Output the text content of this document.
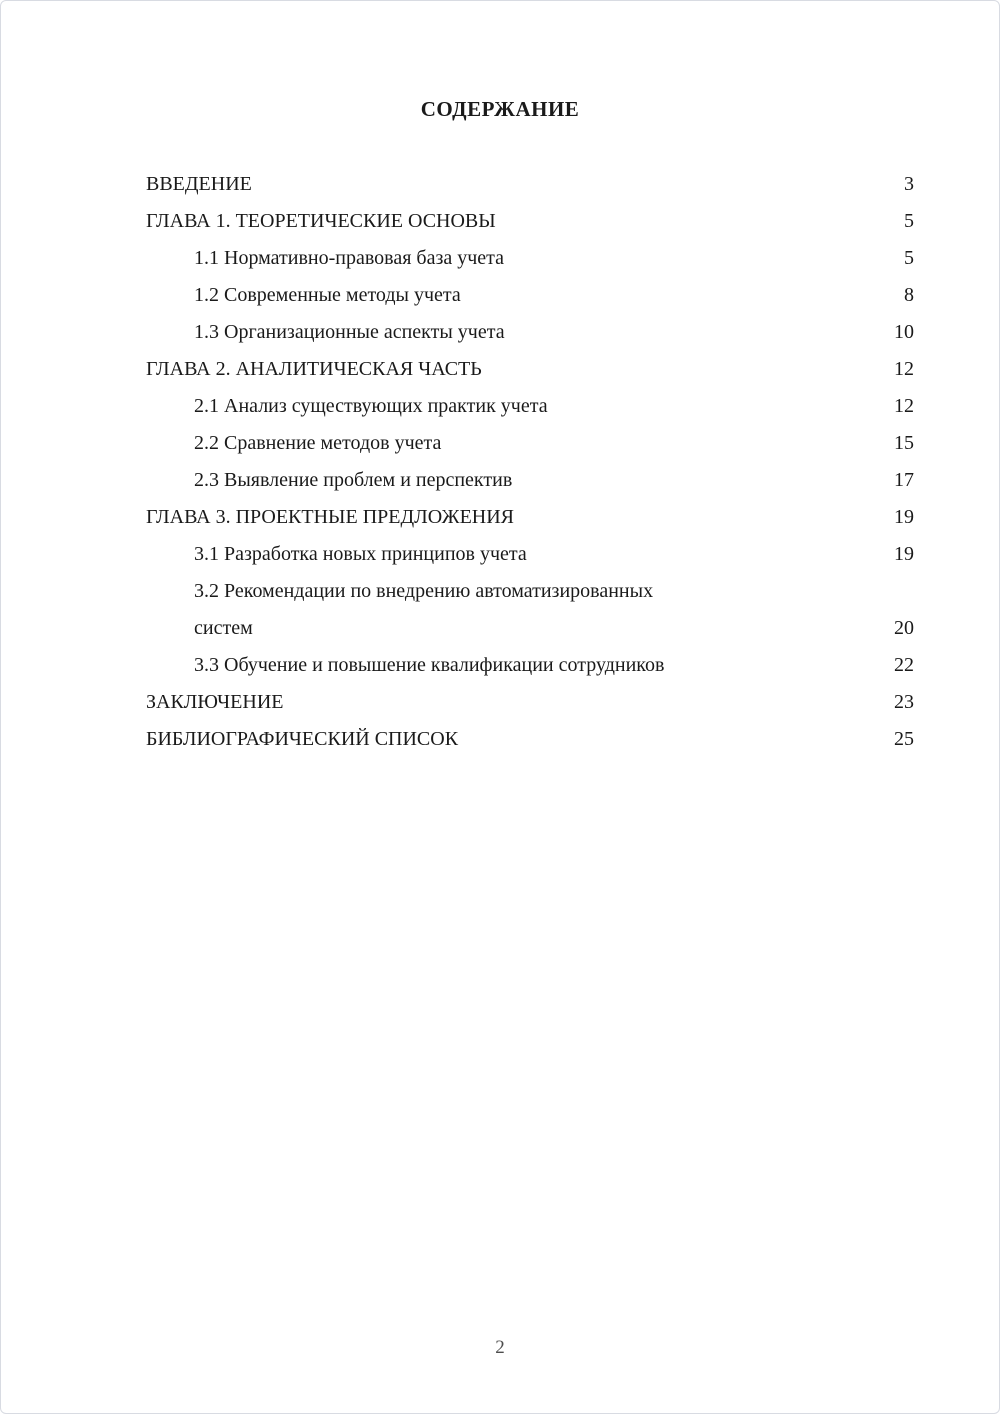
СОДЕРЖАНИЕ
ВВЕДЕНИЕ	3
ГЛАВА 1. ТЕОРЕТИЧЕСКИЕ ОСНОВЫ	5
1.1 Нормативно-правовая база учета	5
1.2 Современные методы учета	8
1.3 Организационные аспекты учета	10
ГЛАВА 2. АНАЛИТИЧЕСКАЯ ЧАСТЬ	12
2.1 Анализ существующих практик учета	12
2.2 Сравнение методов учета	15
2.3 Выявление проблем и перспектив	17
ГЛАВА 3. ПРОЕКТНЫЕ ПРЕДЛОЖЕНИЯ	19
3.1 Разработка новых принципов учета	19
3.2 Рекомендации по внедрению автоматизированных систем	20
3.3 Обучение и повышение квалификации сотрудников	22
ЗАКЛЮЧЕНИЕ	23
БИБЛИОГРАФИЧЕСКИЙ СПИСОК	25
2
